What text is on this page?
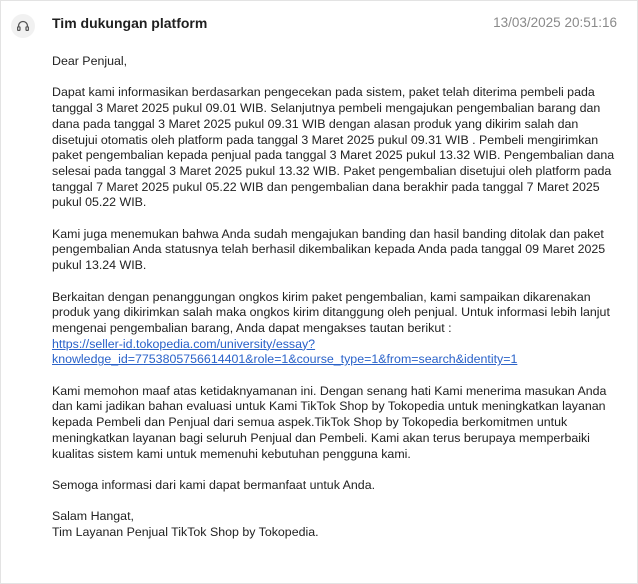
Tim dukungan platform	13/03/2025 20:51:16

Dear Penjual,

Dapat kami informasikan berdasarkan pengecekan pada sistem, paket telah diterima pembeli pada tanggal 3 Maret 2025 pukul 09.01 WIB. Selanjutnya pembeli mengajukan pengembalian barang dan dana pada tanggal 3 Maret 2025 pukul 09.31 WIB dengan alasan produk yang dikirim salah dan disetujui otomatis oleh platform pada tanggal 3 Maret 2025 pukul 09.31 WIB . Pembeli mengirimkan paket pengembalian kepada penjual pada tanggal 3 Maret 2025 pukul 13.32 WIB. Pengembalian dana selesai pada tanggal 3 Maret 2025 pukul 13.32 WIB. Paket pengembalian disetujui oleh platform pada tanggal 7 Maret 2025 pukul 05.22 WIB dan pengembalian dana berakhir pada tanggal 7 Maret 2025 pukul 05.22 WIB.

Kami juga menemukan bahwa Anda sudah mengajukan banding dan hasil banding ditolak dan paket pengembalian Anda statusnya telah berhasil dikembalikan kepada Anda pada tanggal 09 Maret 2025 pukul 13.24 WIB.

Berkaitan dengan penanggungan ongkos kirim paket pengembalian, kami sampaikan dikarenakan produk yang dikirimkan salah maka ongkos kirim ditanggung oleh penjual. Untuk informasi lebih lanjut mengenai pengembalian barang, Anda dapat mengakses tautan berikut :

https://seller-id.tokopedia.com/university/essay?
knowledge_id=7753805756614401&role=1&course_type=1&from=search&identity=1

Kami memohon maaf atas ketidaknyamanan ini. Dengan senang hati Kami menerima masukan Anda dan kami jadikan bahan evaluasi untuk Kami TikTok Shop by Tokopedia untuk meningkatkan layanan kepada Pembeli dan Penjual dari semua aspek.TikTok Shop by Tokopedia berkomitmen untuk meningkatkan layanan bagi seluruh Penjual dan Pembeli. Kami akan terus berupaya memperbaiki kualitas sistem kami untuk memenuhi kebutuhan pengguna kami.

Semoga informasi dari kami dapat bermanfaat untuk Anda.

Salam Hangat,

Tim Layanan Penjual TikTok Shop by Tokopedia.
